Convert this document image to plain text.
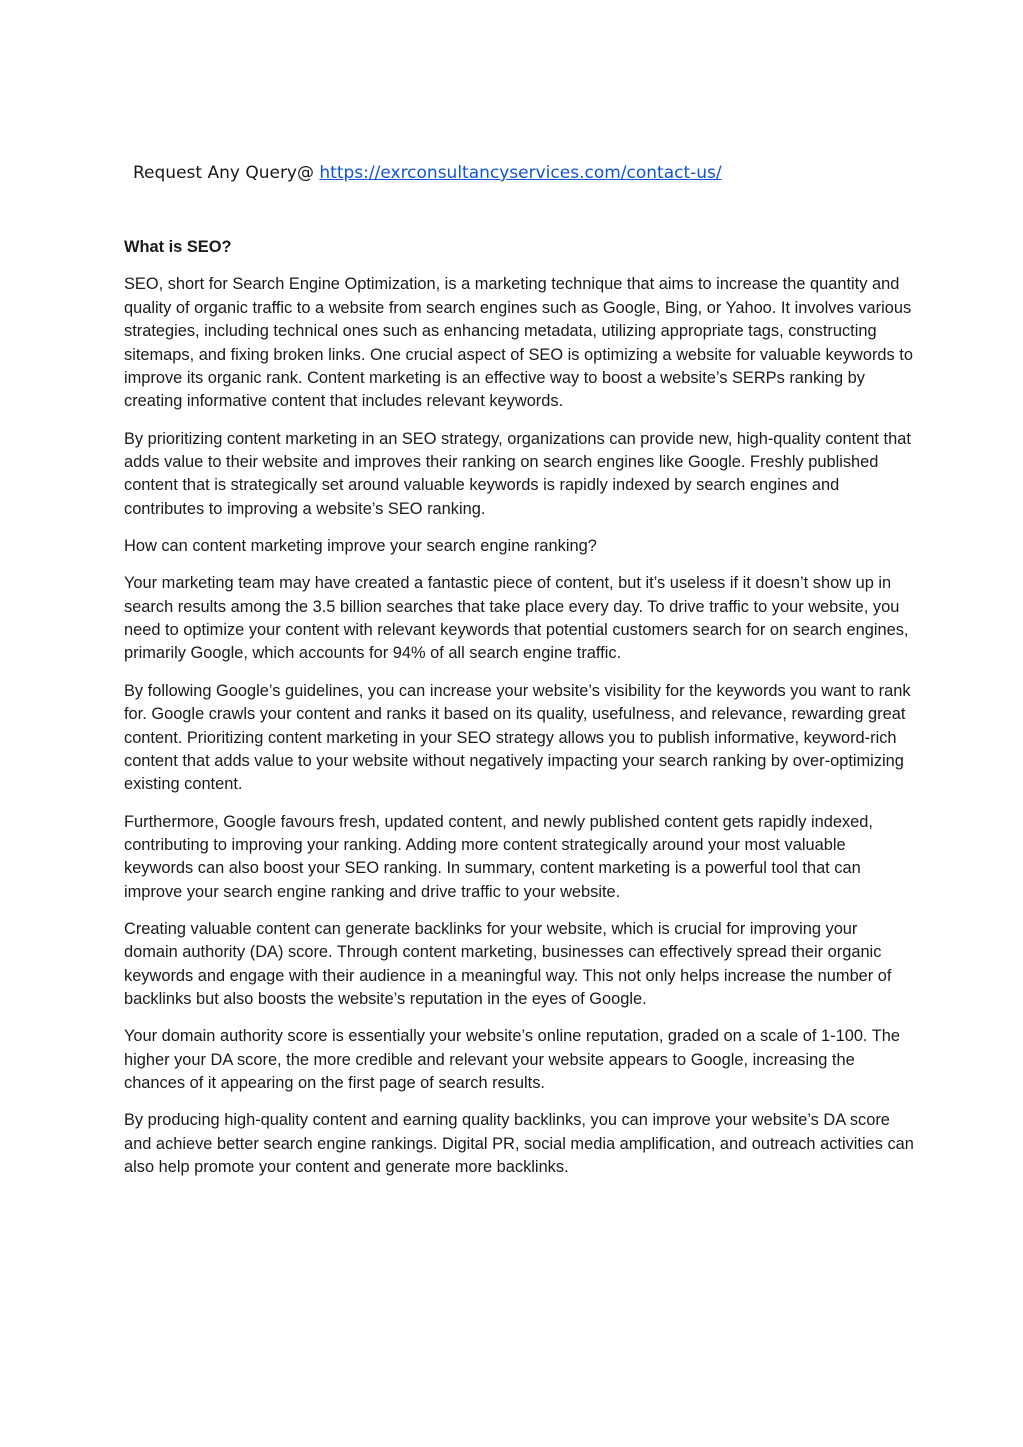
Request Any Query@ https://exrconsultancyservices.com/contact-us/
What is SEO?

SEO, short for Search Engine Optimization, is a marketing technique that aims to increase the quantity and quality of organic traffic to a website from search engines such as Google, Bing, or Yahoo. It involves various strategies, including technical ones such as enhancing metadata, utilizing appropriate tags, constructing sitemaps, and fixing broken links. One crucial aspect of SEO is optimizing a website for valuable keywords to improve its organic rank. Content marketing is an effective way to boost a website’s SERPs ranking by creating informative content that includes relevant keywords.

By prioritizing content marketing in an SEO strategy, organizations can provide new, high-quality content that adds value to their website and improves their ranking on search engines like Google. Freshly published content that is strategically set around valuable keywords is rapidly indexed by search engines and contributes to improving a website’s SEO ranking.

How can content marketing improve your search engine ranking?

Your marketing team may have created a fantastic piece of content, but it’s useless if it doesn’t show up in search results among the 3.5 billion searches that take place every day. To drive traffic to your website, you need to optimize your content with relevant keywords that potential customers search for on search engines, primarily Google, which accounts for 94% of all search engine traffic.

By following Google’s guidelines, you can increase your website’s visibility for the keywords you want to rank for. Google crawls your content and ranks it based on its quality, usefulness, and relevance, rewarding great content. Prioritizing content marketing in your SEO strategy allows you to publish informative, keyword-rich content that adds value to your website without negatively impacting your search ranking by over-optimizing existing content.

Furthermore, Google favours fresh, updated content, and newly published content gets rapidly indexed, contributing to improving your ranking. Adding more content strategically around your most valuable keywords can also boost your SEO ranking. In summary, content marketing is a powerful tool that can improve your search engine ranking and drive traffic to your website.

Creating valuable content can generate backlinks for your website, which is crucial for improving your domain authority (DA) score. Through content marketing, businesses can effectively spread their organic keywords and engage with their audience in a meaningful way. This not only helps increase the number of backlinks but also boosts the website’s reputation in the eyes of Google.

Your domain authority score is essentially your website’s online reputation, graded on a scale of 1-100. The higher your DA score, the more credible and relevant your website appears to Google, increasing the chances of it appearing on the first page of search results.

By producing high-quality content and earning quality backlinks, you can improve your website’s DA score and achieve better search engine rankings. Digital PR, social media amplification, and outreach activities can also help promote your content and generate more backlinks.
